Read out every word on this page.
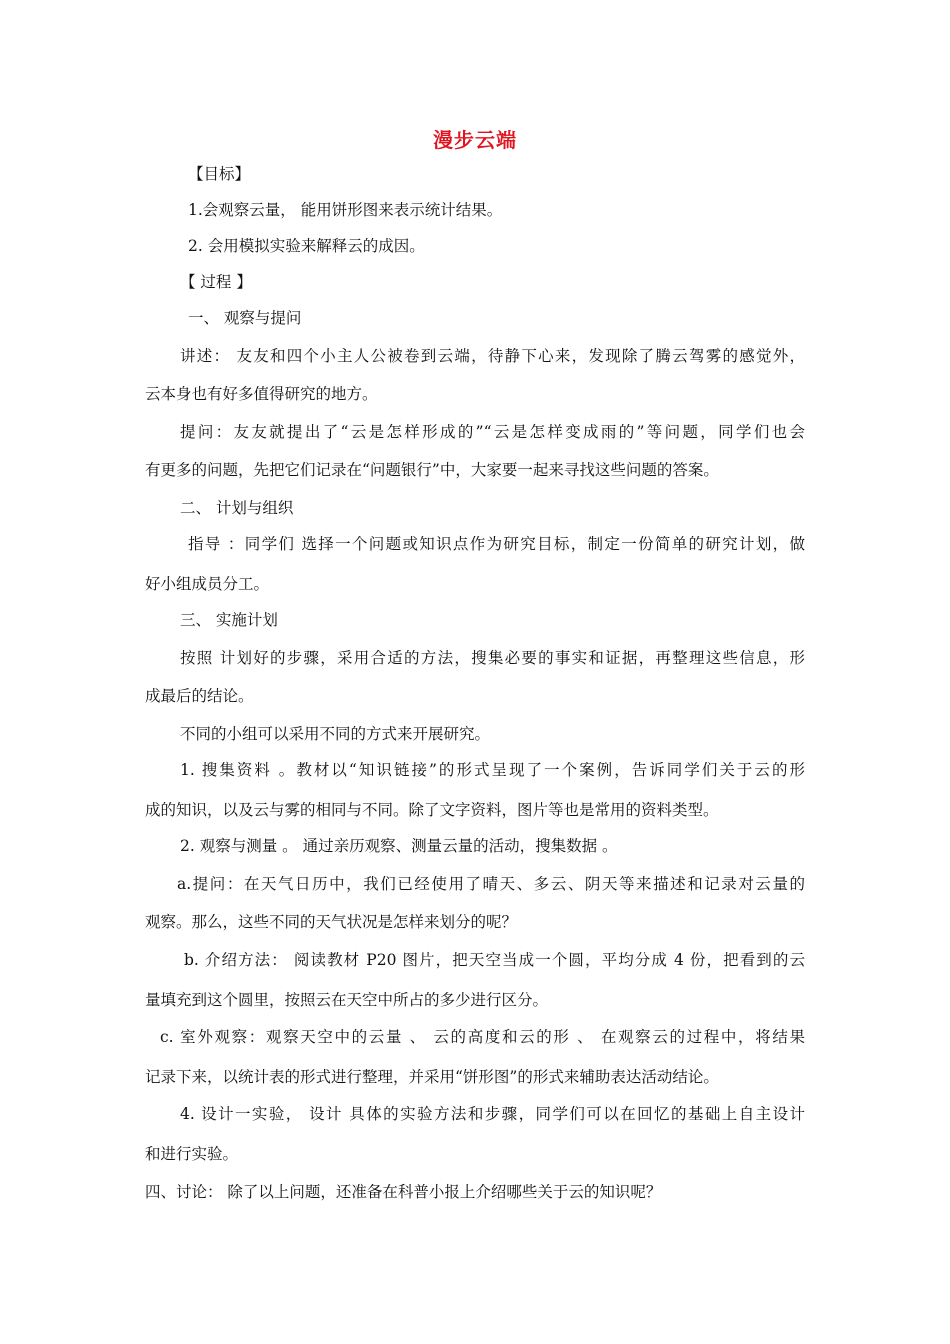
漫步云端
【目标】
1.会观察云量， 能用饼形图来表示统计结果。
2. 会用模拟实验来解释云的成因。
【 过程 】
一、 观察与提问
讲述： 友友和四个小主人公被卷到云端，待静下心来，发现除了腾云驾雾的感觉外，
云本身也有好多值得研究的地方。
提问：友友就提出了“云是怎样形成的”“云是怎样变成雨的”等问题，同学们也会
有更多的问题，先把它们记录在“问题银行”中，大家要一起来寻找这些问题的答案。
二、 计划与组织
指导 ：同学们 选择一个问题或知识点作为研究目标，制定一份简单的研究计划，做
好小组成员分工。
三、 实施计划
按照 计划好的步骤，采用合适的方法，搜集必要的事实和证据，再整理这些信息，形
成最后的结论。
不同的小组可以采用不同的方式来开展研究。
1. 搜集资料 。教材以“知识链接”的形式呈现了一个案例，告诉同学们关于云的形
成的知识，以及云与雾的相同与不同。除了文字资料，图片等也是常用的资料类型。
2. 观察与测量 。 通过亲历观察、测量云量的活动，搜集数据 。
a.提问：在天气日历中，我们已经使用了晴天、多云、阴天等来描述和记录对云量的
观察。那么，这些不同的天气状况是怎样来划分的呢？
b. 介绍方法： 阅读教材 P20 图片，把天空当成一个圆，平均分成 4 份，把看到的云
量填充到这个圆里，按照云在天空中所占的多少进行区分。
c. 室外观察：观察天空中的云量 、 云的高度和云的形 、 在观察云的过程中，将结果
记录下来，以统计表的形式进行整理，并采用“饼形图”的形式来辅助表达活动结论。
4. 设计一实验， 设计 具体的实验方法和步骤，同学们可以在回忆的基础上自主设计
和进行实验。
四、讨论： 除了以上问题，还准备在科普小报上介绍哪些关于云的知识呢？
